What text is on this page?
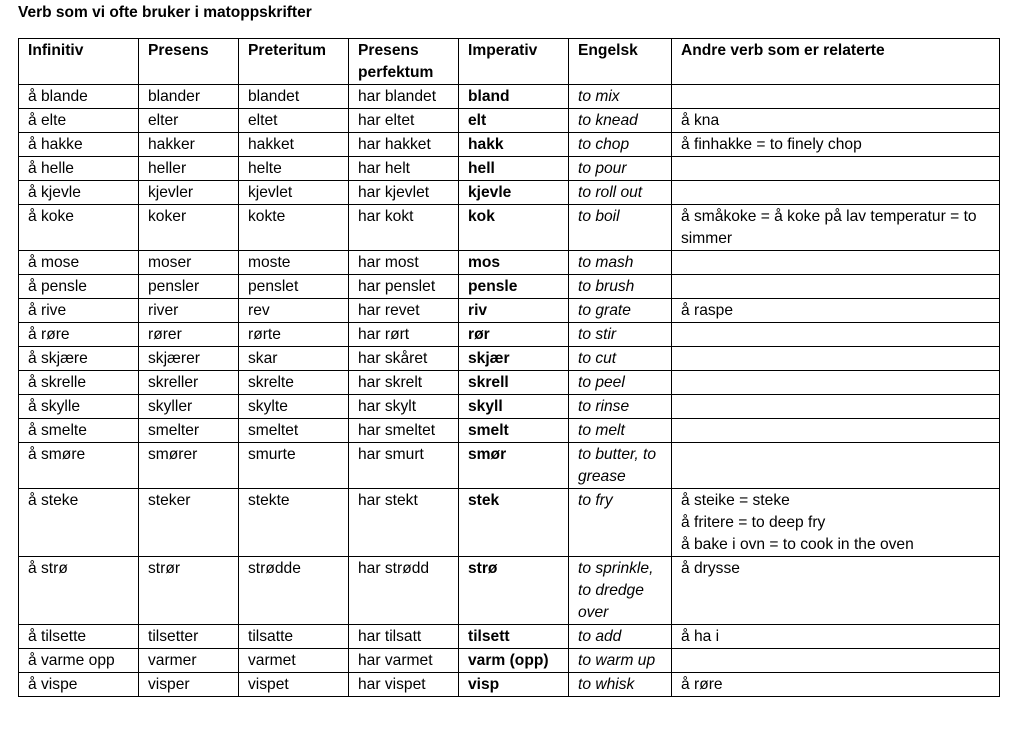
Verb som vi ofte bruker i matoppskrifter
Infinitiv	Presens	Preteritum	Presens perfektum	Imperativ	Engelsk	Andre verb som er relaterte
å blande	blander	blandet	har blandet	bland	to mix	
å elte	elter	eltet	har eltet	elt	to knead	å kna

å hakke	hakker	hakket	har hakket	hakk	to chop	å finhakke = to finely chop

å helle	heller	helte	har helt	hell	to pour	
å kjevle	kjevler	kjevlet	har kjevlet	kjevle	to roll out	
å koke	koker	kokte	har kokt	kok	to boil	å småkoke = å koke på lav temperatur = to simmer

å mose	moser	moste	har most	mos	to mash	
å pensle	pensler	penslet	har penslet	pensle	to brush	
å rive	river	rev	har revet	riv	to grate	å raspe

å røre	rører	rørte	har rørt	rør	to stir	
å skjære	skjærer	skar	har skåret	skjær	to cut	
å skrelle	skreller	skrelte	har skrelt	skrell	to peel	
å skylle	skyller	skylte	har skylt	skyll	to rinse	
å smelte	smelter	smeltet	har smeltet	smelt	to melt	
å smøre	smører	smurte	har smurt	smør	to butter, to grease	
å steke	steker	stekte	har stekt	stek	to fry	å steike = steke
å fritere = to deep fry
å bake i ovn = to cook in the oven

å strø	strør	strødde	har strødd	strø	to sprinkle, to dredge over	å drysse

å tilsette	tilsetter	tilsatte	har tilsatt	tilsett	to add	å ha i

å varme opp	varmer	varmet	har varmet	varm (opp)	to warm up	
å vispe	visper	vispet	har vispet	visp	to whisk	å røre
